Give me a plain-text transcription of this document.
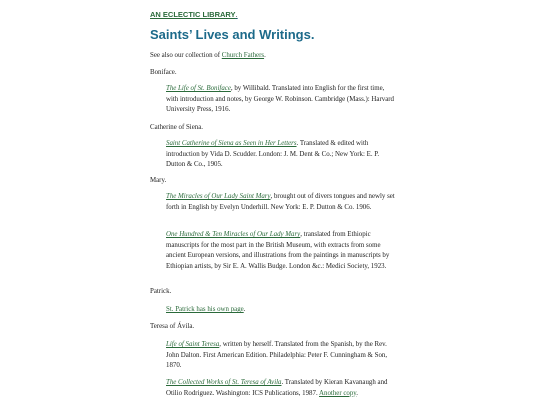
AN ECLECTIC LIBRARY.
Saints’ Lives and Writings.

See also our collection of Church Fathers.

Boniface.

The Life of St. Boniface, by Willibald. Translated into English for the first time, with introduction and notes, by George W. Robinson. Cambridge (Mass.): Harvard University Press, 1916.

Catherine of Siena.

Saint Catherine of Siena as Seen in Her Letters. Translated & edited with introduction by Vida D. Scudder. London: J. M. Dent & Co.; New York: E. P. Dutton & Co., 1905.

Mary.

The Miracles of Our Lady Saint Mary, brought out of divers tongues and newly set forth in English by Evelyn Underhill. New York: E. P. Dutton & Co. 1906.

One Hundred & Ten Miracles of Our Lady Mary, translated from Ethiopic manuscripts for the most part in the British Museum, with extracts from some ancient European versions, and illustrations from the paintings in manuscripts by Ethiopian artists, by Sir E. A. Wallis Budge. London &c.: Medici Society, 1923.

Patrick.

St. Patrick has his own page.

Teresa of Ávila.

Life of Saint Teresa, written by herself. Translated from the Spanish, by the Rev. John Dalton. First American Edition. Philadelphia: Peter F. Cunningham & Son, 1870.

The Collected Works of St. Teresa of Avila. Translated by Kieran Kavanaugh and Otilio Rodriguez. Washington: ICS Publications, 1987. Another copy.
